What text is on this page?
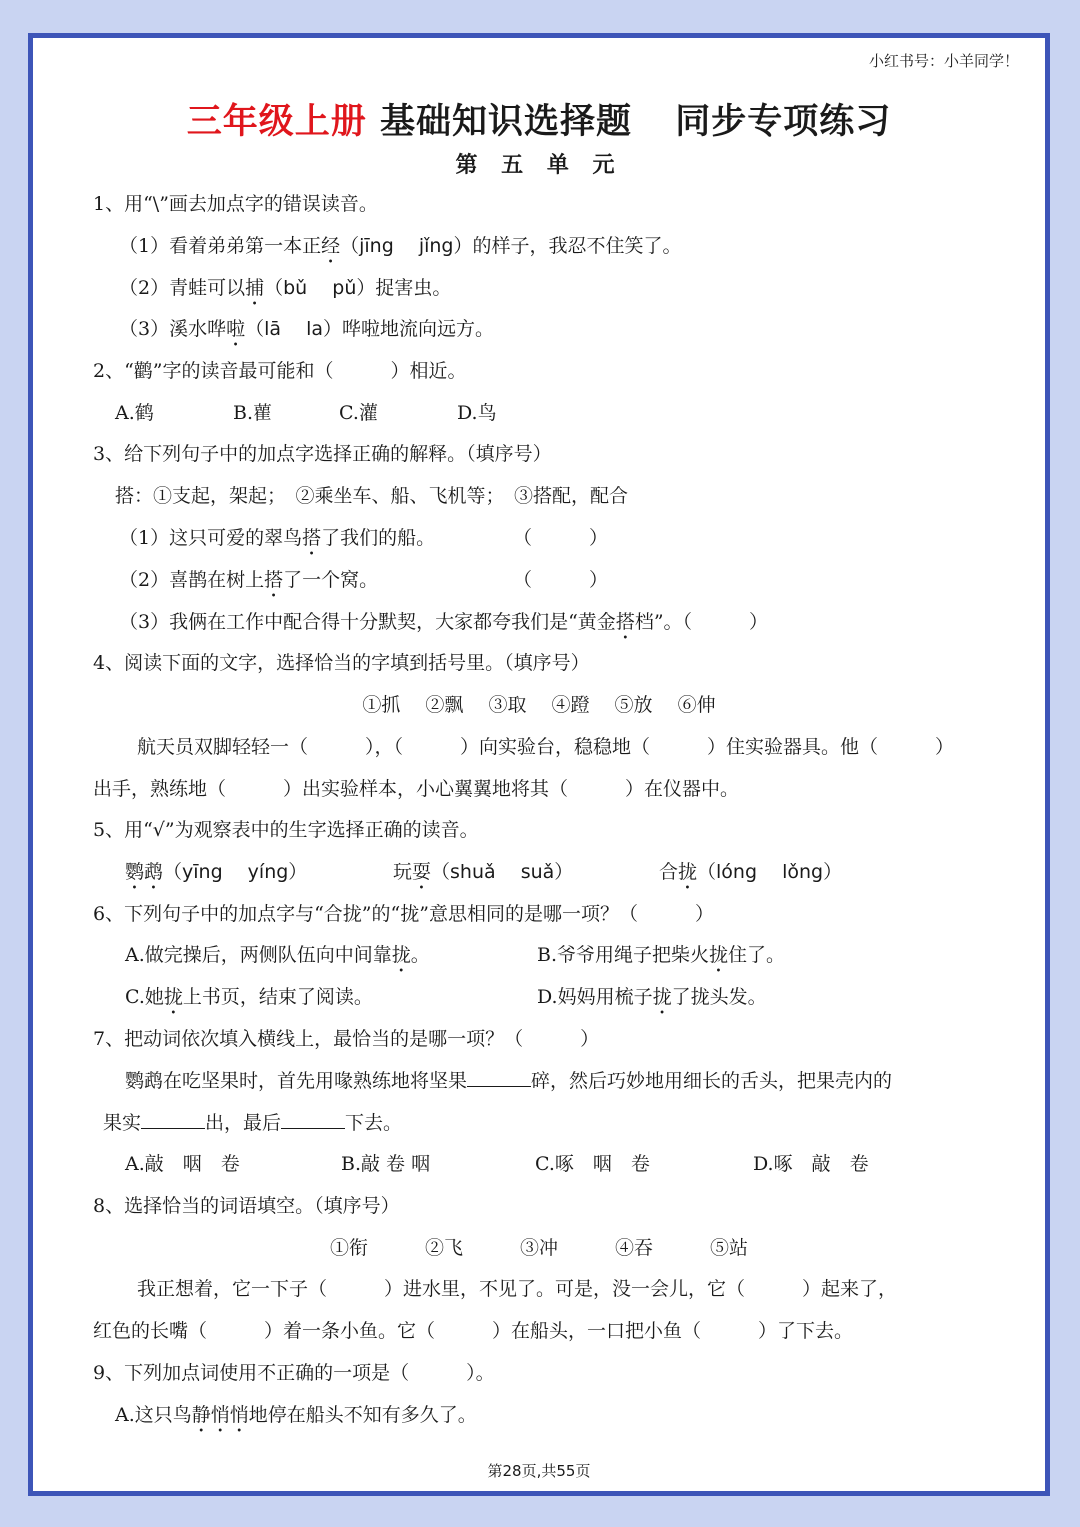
小红书号：小羊同学！
三年级上册 基础知识选择题 同步专项练习
第 五 单 元
1、用“\”画去加点字的错误读音。
（1）看着弟弟第一本正经（jīng　 jǐng）的样子，我忍不住笑了。
（2）青蛙可以捕（bǔ　 pǔ）捉害虫。
（3）溪水哗啦（lā　 la）哗啦地流向远方。
2、“鹳”字的读音最可能和（　　　）相近。
A.鹤	B.雚	C.灌	D.鸟
3、给下列句子中的加点字选择正确的解释。（填序号）
搭：①支起，架起；　②乘坐车、船、飞机等；　③搭配，配合
（1）这只可爱的翠鸟搭了我们的船。	（　　　）
（2）喜鹊在树上搭了一个窝。	（　　　）
（3）我俩在工作中配合得十分默契，大家都夸我们是“黄金搭档”。（　　　）
4、阅读下面的文字，选择恰当的字填到括号里。（填序号）
①抓　 ②飘　 ③取　 ④蹬　 ⑤放　 ⑥伸
航天员双脚轻轻一（　　　），（　　　）向实验台，稳稳地（　　　）住实验器具。他（　　　）
出手，熟练地（　　　）出实验样本，小心翼翼地将其（　　　）在仪器中。
5、用“√”为观察表中的生字选择正确的读音。
鹦鹉（yīng　 yíng）	玩耍（shuǎ　 suǎ）	合拢（lóng　 lǒng）
6、下列句子中的加点字与“合拢”的“拢”意思相同的是哪一项？（　　　）
A.做完操后，两侧队伍向中间靠拢。	B.爷爷用绳子把柴火拢住了。
C.她拢上书页，结束了阅读。	D.妈妈用梳子拢了拢头发。
7、把动词依次填入横线上，最恰当的是哪一项？（　　　）
鹦鹉在吃坚果时，首先用喙熟练地将坚果	碎，然后巧妙地用细长的舌头，把果壳内的
果实	出，最后	下去。
A.敲　咽　卷	B.敲 卷 咽	C.啄　咽　卷	D.啄　敲　卷
8、选择恰当的词语填空。（填序号）
①衔　　　②飞　　　③冲　　　④吞　　　⑤站
我正想着，它一下子（　　　）进水里，不见了。可是，没一会儿，它（　　　）起来了，
红色的长嘴（　　　）着一条小鱼。它（　　　）在船头，一口把小鱼（　　　）了下去。
9、下列加点词使用不正确的一项是（　　　）。
A.这只鸟静悄悄地停在船头不知有多久了。
第28页,共55页
